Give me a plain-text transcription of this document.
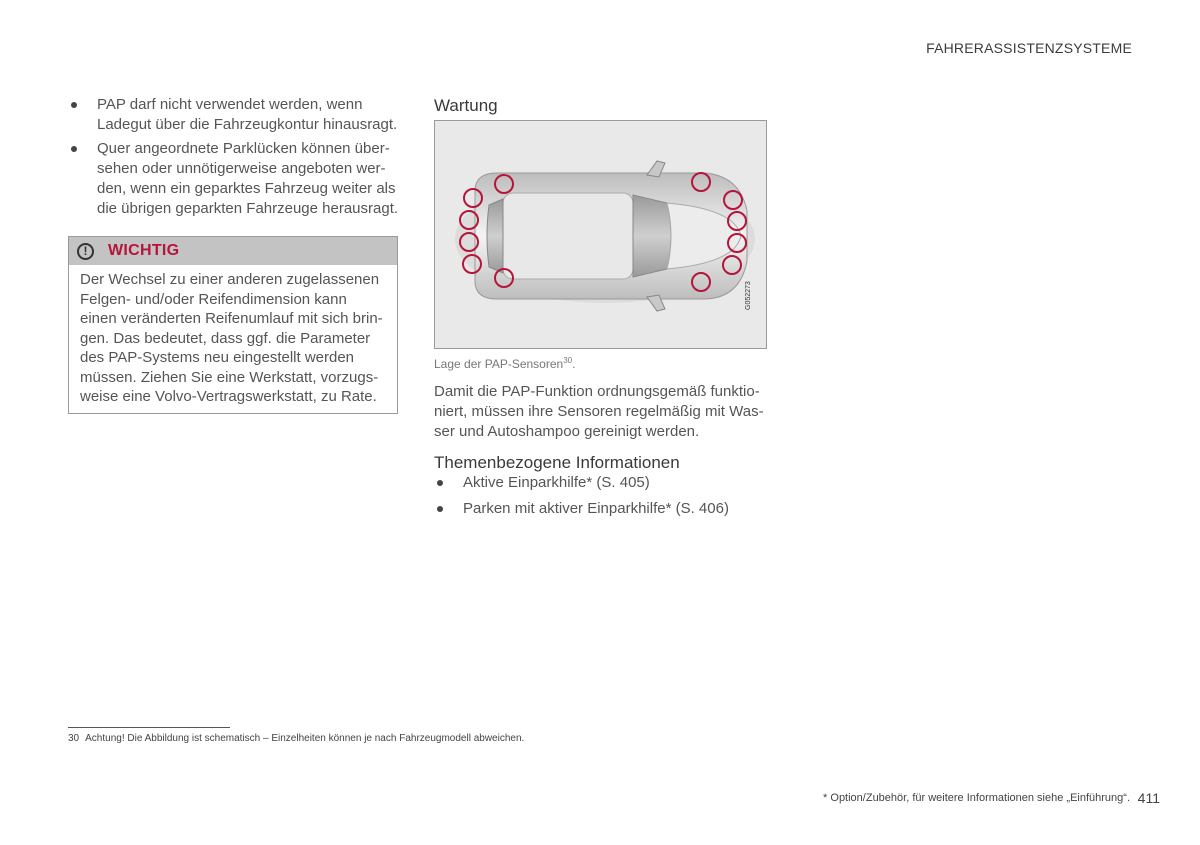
FAHRERASSISTENZSYSTEME
PAP darf nicht verwendet werden, wenn Ladegut über die Fahrzeugkontur hinausragt.
Quer angeordnete Parklücken können über-sehen oder unnötigerweise angeboten wer-den, wenn ein geparktes Fahrzeug weiter als die übrigen geparkten Fahrzeuge herausragt.
!	WICHTIG
Der Wechsel zu einer anderen zugelassenen Felgen- und/oder Reifendimension kann einen veränderten Reifenumlauf mit sich brin-gen. Das bedeutet, dass ggf. die Parameter des PAP-Systems neu eingestellt werden müssen. Ziehen Sie eine Werkstatt, vorzugs-weise eine Volvo-Vertragswerkstatt, zu Rate.
Wartung
G052273
Lage der PAP-Sensoren$^{30}$.
Damit die PAP-Funktion ordnungsgemäß funktio-niert, müssen ihre Sensoren regelmäßig mit Was-ser und Autoshampoo gereinigt werden.
Themenbezogene Informationen
Aktive Einparkhilfe* (S. 405)
Parken mit aktiver Einparkhilfe* (S. 406)
30 Achtung! Die Abbildung ist schematisch – Einzelheiten können je nach Fahrzeugmodell abweichen.
* Option/Zubehör, für weitere Informationen siehe „Einführung“. 411
